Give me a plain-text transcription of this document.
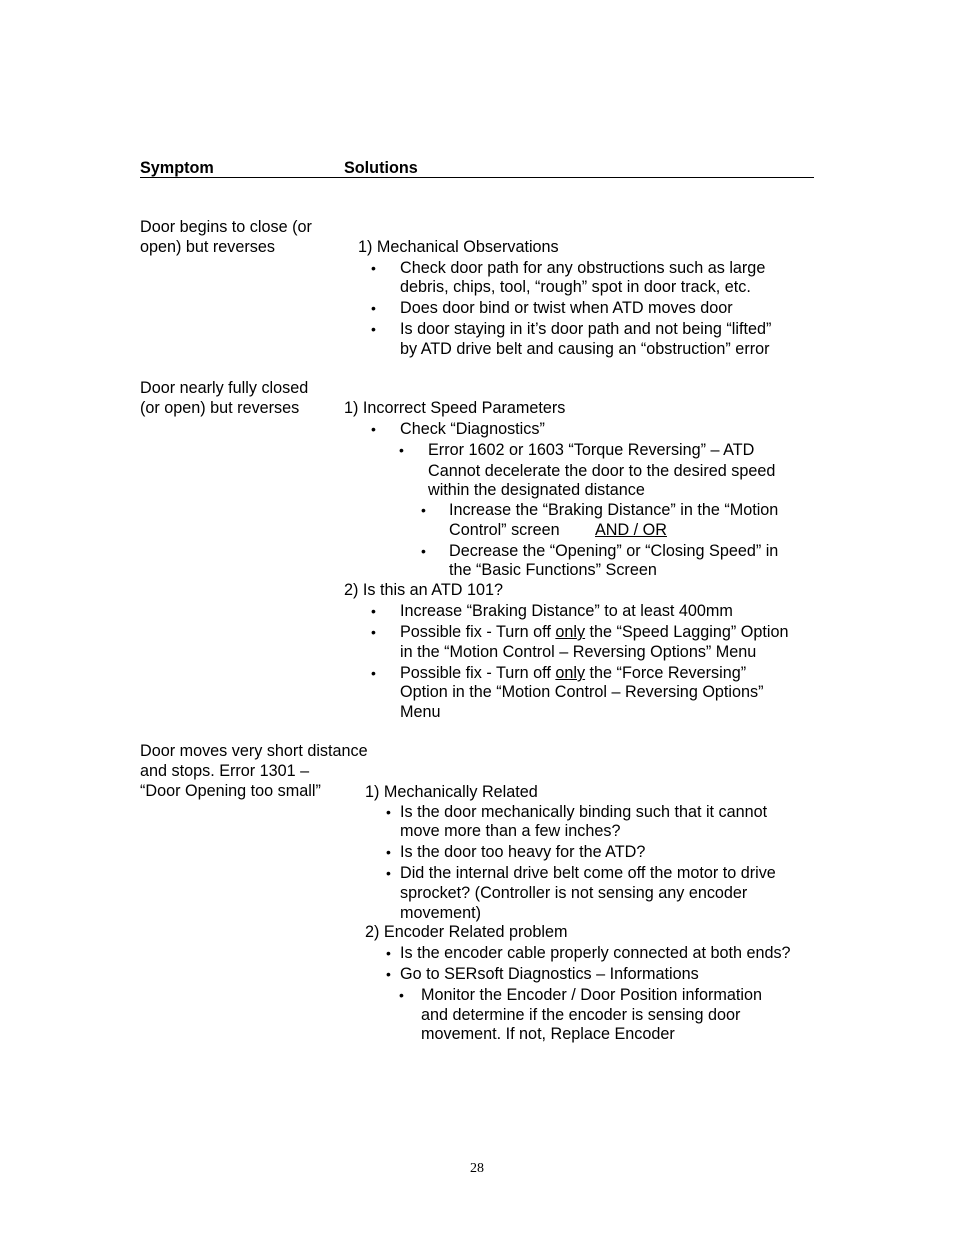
Symptom	Solutions
Door begins to close (or
open) but reverses	1) Mechanical Observations
• Check door path for any obstructions such as large
debris, chips, tool, “rough” spot in door track, etc.
• Does door bind or twist when ATD moves door
• Is door staying in it’s door path and not being “lifted”
by ATD drive belt and causing an “obstruction” error
Door nearly fully closed
(or open) but reverses	1) Incorrect Speed Parameters
• Check “Diagnostics”
• Error 1602 or 1603 “Torque Reversing” – ATD
Cannot decelerate the door to the desired speed
within the designated distance
• Increase the “Braking Distance” in the “Motion
Control” screen AND / OR
• Decrease the “Opening” or “Closing Speed” in
the “Basic Functions” Screen
2) Is this an ATD 101?
• Increase “Braking Distance” to at least 400mm
• Possible fix - Turn off only the “Speed Lagging” Option
in the “Motion Control – Reversing Options” Menu
• Possible fix - Turn off only the “Force Reversing”
Option in the “Motion Control – Reversing Options”
Menu
Door moves very short distance
and stops. Error 1301 –
“Door Opening too small”	1) Mechanically Related
• Is the door mechanically binding such that it cannot
move more than a few inches?
• Is the door too heavy for the ATD?
• Did the internal drive belt come off the motor to drive
sprocket? (Controller is not sensing any encoder
movement)
2) Encoder Related problem
• Is the encoder cable properly connected at both ends?
• Go to SERsoft Diagnostics – Informations
• Monitor the Encoder / Door Position information
and determine if the encoder is sensing door
movement. If not, Replace Encoder
28
